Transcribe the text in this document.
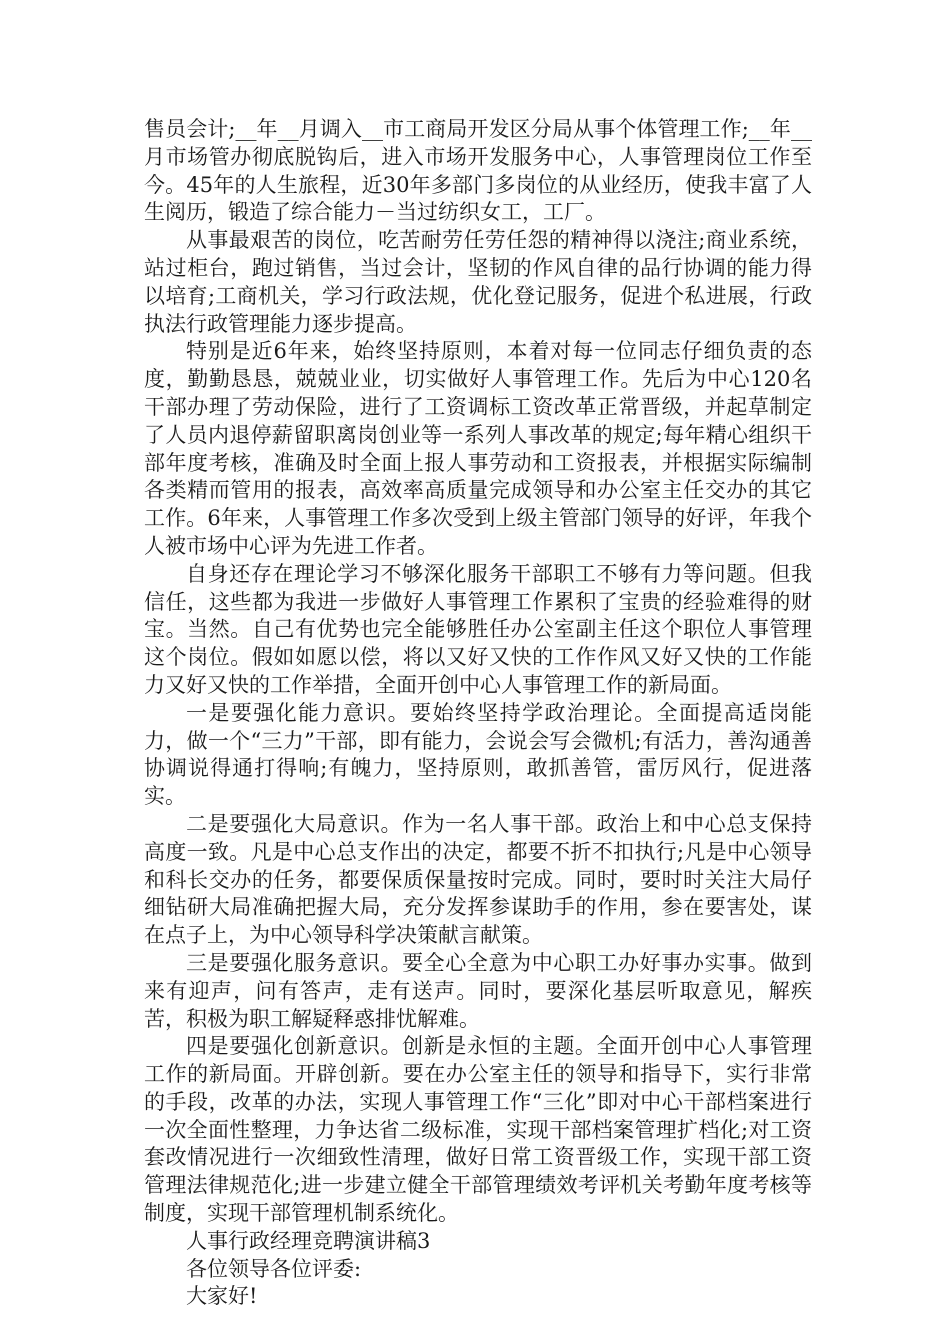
售员会计;__年__月调入__市工商局开发区分局从事个体管理工作;__年__月市场管办彻底脱钩后，进入市场开发服务中心，人事管理岗位工作至今。45年的人生旅程，近30年多部门多岗位的从业经历，使我丰富了人生阅历，锻造了综合能力－当过纺织女工，工厂。

从事最艰苦的岗位，吃苦耐劳任劳任怨的精神得以浇注;商业系统，站过柜台，跑过销售，当过会计，坚韧的作风自律的品行协调的能力得以培育;工商机关，学习行政法规，优化登记服务，促进个私进展，行政执法行政管理能力逐步提高。

特别是近6年来，始终坚持原则，本着对每一位同志仔细负责的态度，勤勤恳恳，兢兢业业，切实做好人事管理工作。先后为中心120名干部办理了劳动保险，进行了工资调标工资改革正常晋级，并起草制定了人员内退停薪留职离岗创业等一系列人事改革的规定;每年精心组织干部年度考核，准确及时全面上报人事劳动和工资报表，并根据实际编制各类精而管用的报表，高效率高质量完成领导和办公室主任交办的其它工作。6年来，人事管理工作多次受到上级主管部门领导的好评，年我个人被市场中心评为先进工作者。

自身还存在理论学习不够深化服务干部职工不够有力等问题。但我信任，这些都为我进一步做好人事管理工作累积了宝贵的经验难得的财宝。当然。自己有优势也完全能够胜任办公室副主任这个职位人事管理这个岗位。假如如愿以偿，将以又好又快的工作作风又好又快的工作能力又好又快的工作举措，全面开创中心人事管理工作的新局面。

一是要强化能力意识。要始终坚持学政治理论。全面提高适岗能力，做一个“三力”干部，即有能力，会说会写会微机;有活力，善沟通善协调说得通打得响;有魄力，坚持原则，敢抓善管，雷厉风行，促进落实。

二是要强化大局意识。作为一名人事干部。政治上和中心总支保持高度一致。凡是中心总支作出的决定，都要不折不扣执行;凡是中心领导和科长交办的任务，都要保质保量按时完成。同时，要时时关注大局仔细钻研大局准确把握大局，充分发挥参谋助手的作用，参在要害处，谋在点子上，为中心领导科学决策献言献策。

三是要强化服务意识。要全心全意为中心职工办好事办实事。做到来有迎声，问有答声，走有送声。同时，要深化基层听取意见，解疾苦，积极为职工解疑释惑排忧解难。

四是要强化创新意识。创新是永恒的主题。全面开创中心人事管理工作的新局面。开辟创新。要在办公室主任的领导和指导下，实行非常的手段，改革的办法，实现人事管理工作“三化”即对中心干部档案进行一次全面性整理，力争达省二级标准，实现干部档案管理扩档化;对工资套改情况进行一次细致性清理，做好日常工资晋级工作，实现干部工资管理法律规范化;进一步建立健全干部管理绩效考评机关考勤年度考核等制度，实现干部管理机制系统化。

人事行政经理竞聘演讲稿3

各位领导各位评委:

大家好!
